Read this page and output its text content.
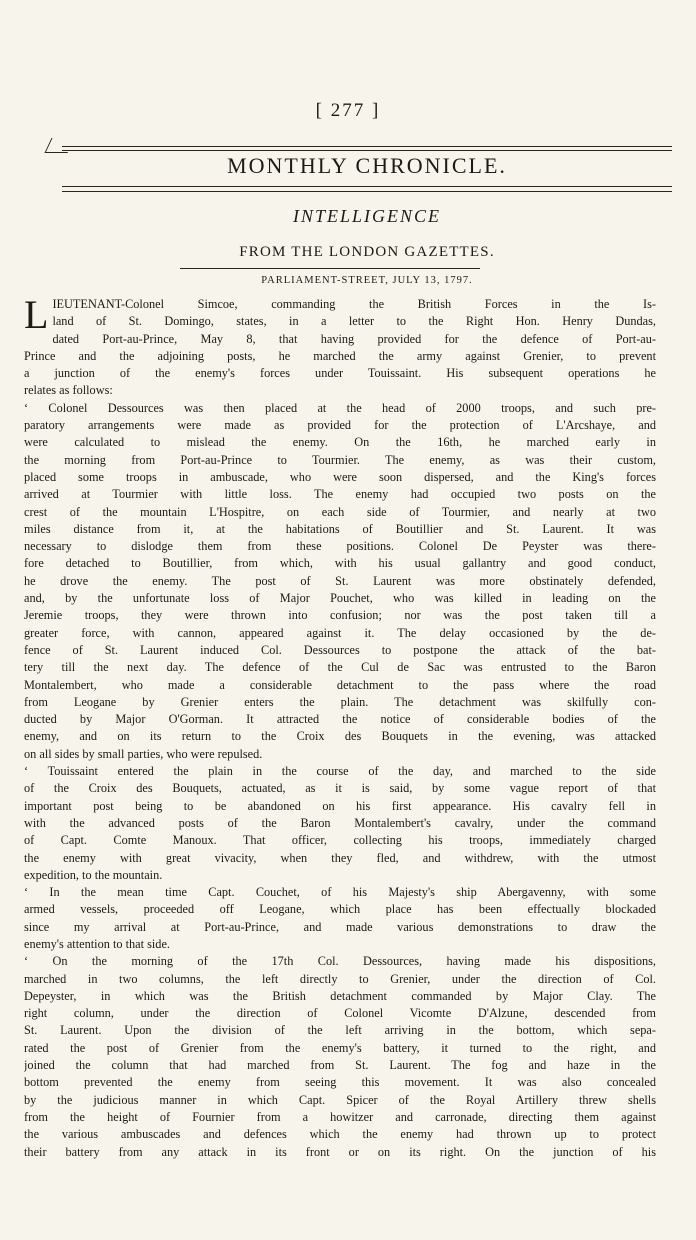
[ 277 ]
MONTHLY CHRONICLE.
INTELLIGENCE
FROM THE LONDON GAZETTES.
PARLIAMENT-STREET, JULY 13, 1797.
L IEUTENANT-Colonel Simcoe, commanding the British Forces in the Is-
land of St. Domingo, states, in a letter to the Right Hon. Henry Dundas,
dated Port-au-Prince, May 8, that having provided for the defence of Port-au-
Prince and the adjoining posts, he marched the army against Grenier, to prevent
a junction of the enemy's forces under Touissaint. His subsequent operations he
relates as follows:
‘ Colonel Dessources was then placed at the head of 2000 troops, and such pre-
paratory arrangements were made as provided for the protection of L'Arcshaye, and
were calculated to mislead the enemy. On the 16th, he marched early in
the morning from Port-au-Prince to Tourmier. The enemy, as was their custom,
placed some troops in ambuscade, who were soon dispersed, and the King's forces
arrived at Tourmier with little loss. The enemy had occupied two posts on the
crest of the mountain L'Hospitre, on each side of Tourmier, and nearly at two
miles distance from it, at the habitations of Boutillier and St. Laurent. It was
necessary to dislodge them from these positions. Colonel De Peyster was there-
fore detached to Boutillier, from which, with his usual gallantry and good conduct,
he drove the enemy. The post of St. Laurent was more obstinately defended,
and, by the unfortunate loss of Major Pouchet, who was killed in leading on the
Jeremie troops, they were thrown into confusion; nor was the post taken till a
greater force, with cannon, appeared against it. The delay occasioned by the de-
fence of St. Laurent induced Col. Dessources to postpone the attack of the bat-
tery till the next day. The defence of the Cul de Sac was entrusted to the Baron
Montalembert, who made a considerable detachment to the pass where the road
from Leogane by Grenier enters the plain. The detachment was skilfully con-
ducted by Major O'Gorman. It attracted the notice of considerable bodies of the
enemy, and on its return to the Croix des Bouquets in the evening, was attacked
on all sides by small parties, who were repulsed.
‘ Touissaint entered the plain in the course of the day, and marched to the side
of the Croix des Bouquets, actuated, as it is said, by some vague report of that
important post being to be abandoned on his first appearance. His cavalry fell in
with the advanced posts of the Baron Montalembert's cavalry, under the command
of Capt. Comte Manoux. That officer, collecting his troops, immediately charged
the enemy with great vivacity, when they fled, and withdrew, with the utmost
expedition, to the mountain.
‘ In the mean time Capt. Couchet, of his Majesty's ship Abergavenny, with some
armed vessels, proceeded off Leogane, which place has been effectually blockaded
since my arrival at Port-au-Prince, and made various demonstrations to draw the
enemy's attention to that side.
‘ On the morning of the 17th Col. Dessources, having made his dispositions,
marched in two columns, the left directly to Grenier, under the direction of Col.
Depeyster, in which was the British detachment commanded by Major Clay. The
right column, under the direction of Colonel Vicomte D'Alzune, descended from
St. Laurent. Upon the division of the left arriving in the bottom, which sepa-
rated the post of Grenier from the enemy's battery, it turned to the right, and
joined the column that had marched from St. Laurent. The fog and haze in the
bottom prevented the enemy from seeing this movement. It was also concealed
by the judicious manner in which Capt. Spicer of the Royal Artillery threw shells
from the height of Fournier from a howitzer and carronade, directing them against
the various ambuscades and defences which the enemy had thrown up to protect
their battery from any attack in its front or on its right. On the junction of his
